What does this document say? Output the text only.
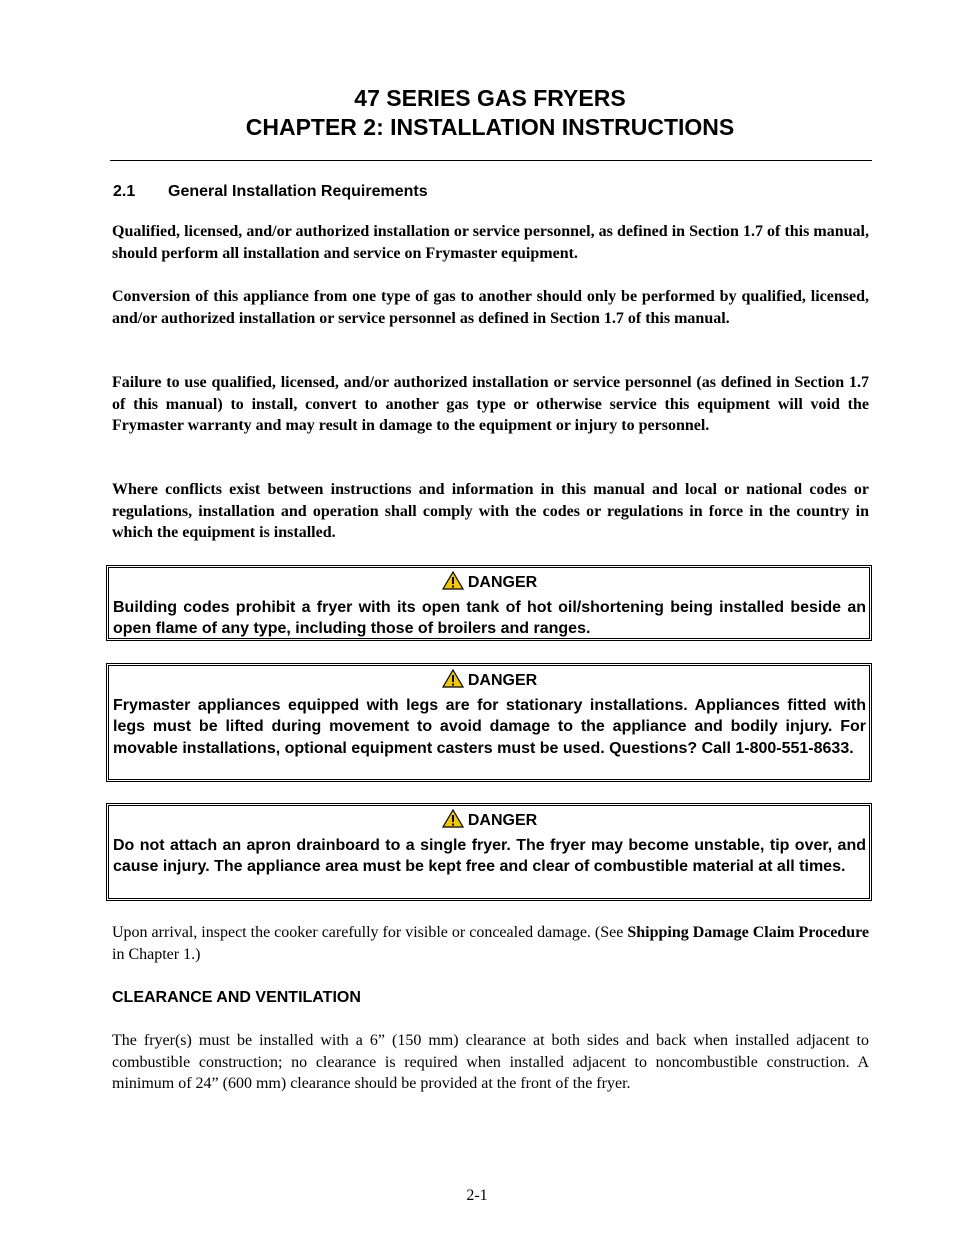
47 SERIES GAS FRYERS
CHAPTER 2: INSTALLATION INSTRUCTIONS
2.1 General Installation Requirements
Qualified, licensed, and/or authorized installation or service personnel, as defined in Section 1.7 of this manual, should perform all installation and service on Frymaster equipment.
Conversion of this appliance from one type of gas to another should only be performed by qualified, licensed, and/or authorized installation or service personnel as defined in Section 1.7 of this manual.
Failure to use qualified, licensed, and/or authorized installation or service personnel (as defined in Section 1.7 of this manual) to install, convert to another gas type or otherwise service this equipment will void the Frymaster warranty and may result in damage to the equipment or injury to personnel.
Where conflicts exist between instructions and information in this manual and local or national codes or regulations, installation and operation shall comply with the codes or regulations in force in the country in which the equipment is installed.
DANGER
Building codes prohibit a fryer with its open tank of hot oil/shortening being installed beside an open flame of any type, including those of broilers and ranges.
DANGER
Frymaster appliances equipped with legs are for stationary installations. Appliances fitted with legs must be lifted during movement to avoid damage to the appliance and bodily injury. For movable installations, optional equipment casters must be used. Questions? Call 1-800-551-8633.
DANGER
Do not attach an apron drainboard to a single fryer. The fryer may become unstable, tip over, and cause injury. The appliance area must be kept free and clear of combustible material at all times.
Upon arrival, inspect the cooker carefully for visible or concealed damage. (See Shipping Damage Claim Procedure in Chapter 1.)
CLEARANCE AND VENTILATION
The fryer(s) must be installed with a 6” (150 mm) clearance at both sides and back when installed adjacent to combustible construction; no clearance is required when installed adjacent to noncombustible construction. A minimum of 24” (600 mm) clearance should be provided at the front of the fryer.
2-1
